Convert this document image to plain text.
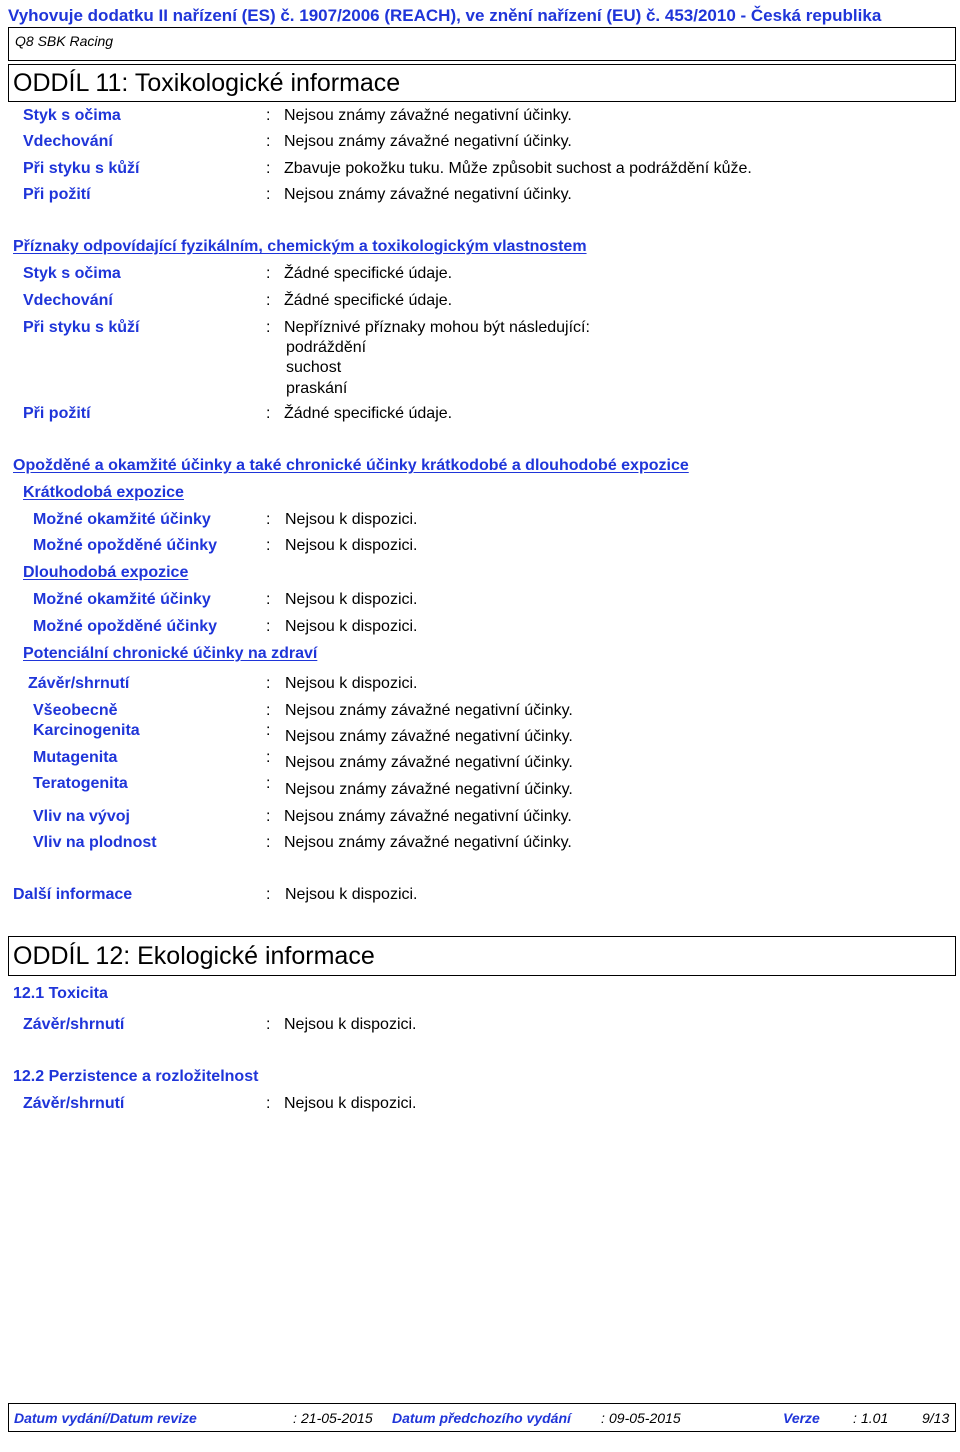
Vyhovuje dodatku II nařízení (ES) č. 1907/2006 (REACH), ve znění nařízení (EU) č. 453/2010 - Česká republika
Q8 SBK Racing
ODDÍL 11: Toxikologické informace
Styk s očima	: Nejsou známy závažné negativní účinky.
Vdechování	: Nejsou známy závažné negativní účinky.
Při styku s kůží	: Zbavuje pokožku tuku. Může způsobit suchost a podráždění kůže.
Při požití	: Nejsou známy závažné negativní účinky.
Příznaky odpovídající fyzikálním, chemickým a toxikologickým vlastnostem
Styk s očima	: Žádné specifické údaje.
Vdechování	: Žádné specifické údaje.
Při styku s kůží	: Nepříznivé příznaky mohou být následující:
podráždění
suchost
praskání
Při požití	: Žádné specifické údaje.
Opožděné a okamžité účinky a také chronické účinky krátkodobé a dlouhodobé expozice
Krátkodobá expozice
Možné okamžité účinky	: Nejsou k dispozici.
Možné opožděné účinky	: Nejsou k dispozici.
Dlouhodobá expozice
Možné okamžité účinky	: Nejsou k dispozici.
Možné opožděné účinky	: Nejsou k dispozici.
Potenciální chronické účinky na zdraví
Závěr/shrnutí	: Nejsou k dispozici.
Všeobecně	: Nejsou známy závažné negativní účinky.
Karcinogenita	: Nejsou známy závažné negativní účinky.
Mutagenita	: Nejsou známy závažné negativní účinky.
Teratogenita	: Nejsou známy závažné negativní účinky.
Vliv na vývoj	: Nejsou známy závažné negativní účinky.
Vliv na plodnost	: Nejsou známy závažné negativní účinky.
Další informace	: Nejsou k dispozici.
ODDÍL 12: Ekologické informace
12.1 Toxicita
Závěr/shrnutí	: Nejsou k dispozici.
12.2 Perzistence a rozložitelnost
Závěr/shrnutí	: Nejsou k dispozici.
Datum vydání/Datum revize	: 21-05-2015 Datum předchozího vydání : 09-05-2015	Verze : 1.01 9/13
